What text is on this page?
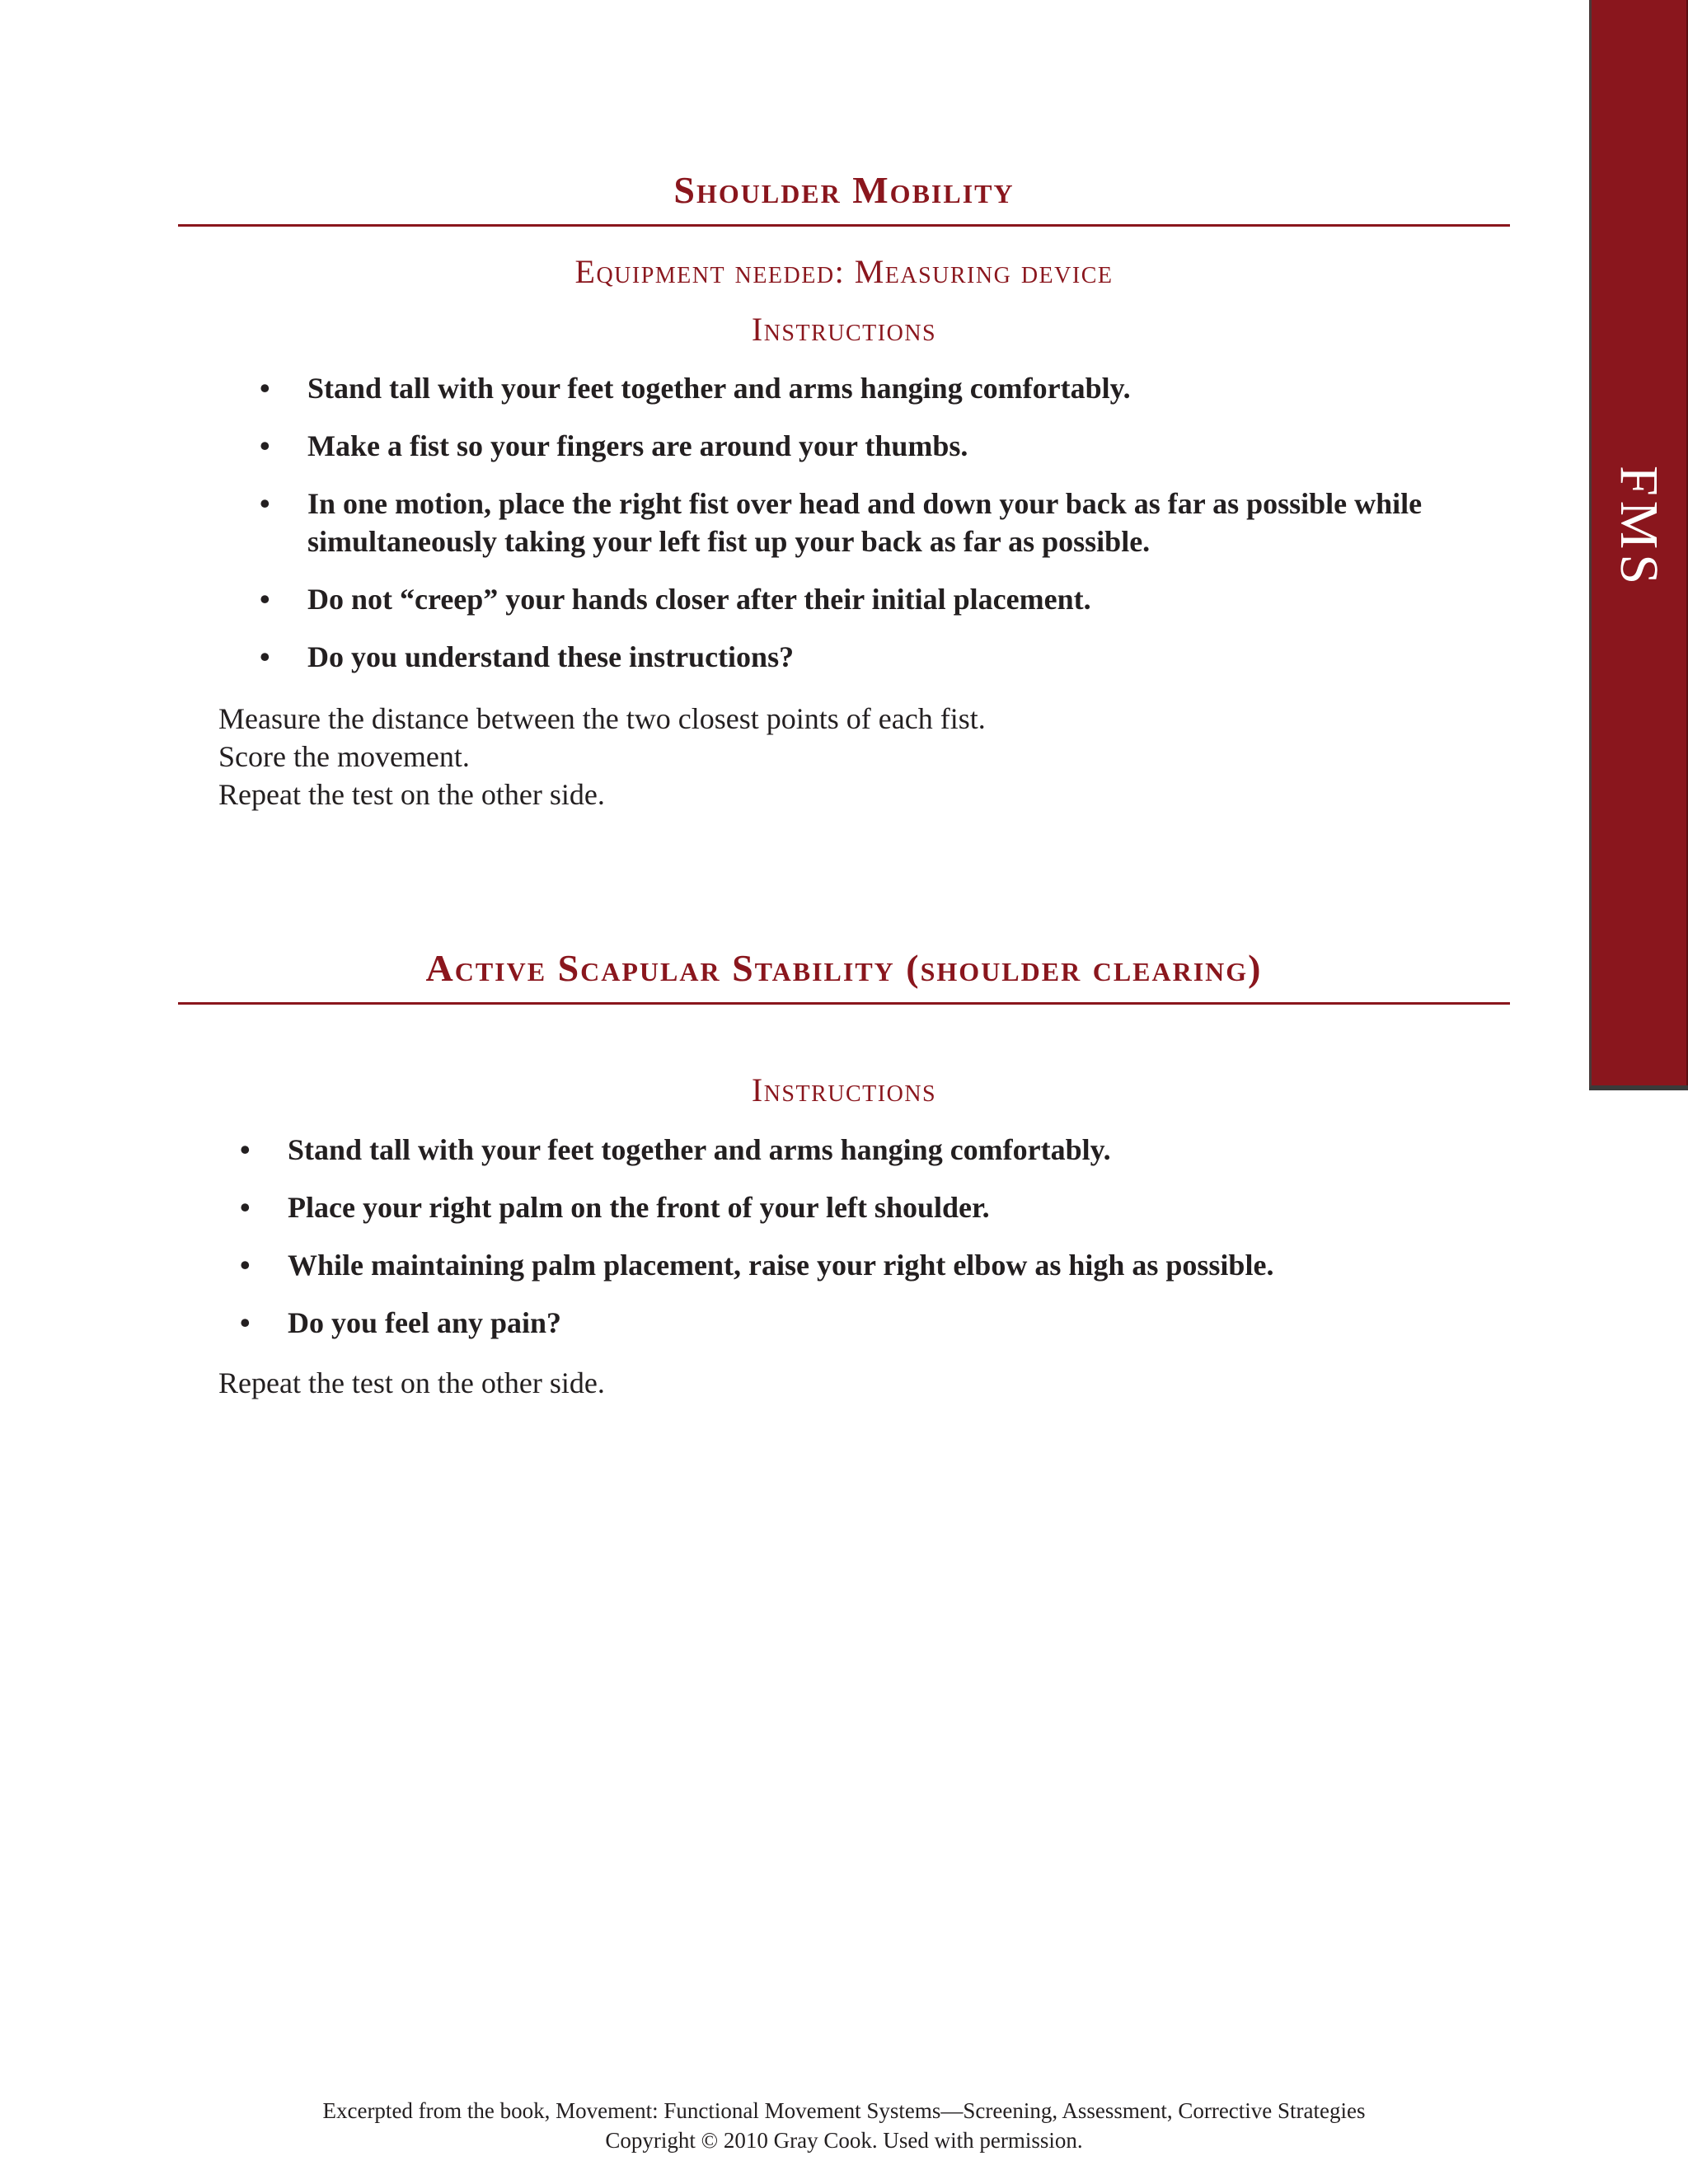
FMS
Shoulder Mobility
Equipment needed: Measuring device
Instructions
• Stand tall with your feet together and arms hanging comfortably.
• Make a fist so your fingers are around your thumbs.
• In one motion, place the right fist over head and down your back as far as possible while simultaneously taking your left fist up your back as far as possible.
• Do not “creep” your hands closer after their initial placement.
• Do you understand these instructions?
Measure the distance between the two closest points of each fist.
Score the movement.
Repeat the test on the other side.
Active Scapular Stability (shoulder clearing)
Instructions
• Stand tall with your feet together and arms hanging comfortably.
• Place your right palm on the front of your left shoulder.
• While maintaining palm placement, raise your right elbow as high as possible.
• Do you feel any pain?
Repeat the test on the other side.
Excerpted from the book, Movement: Functional Movement Systems—Screening, Assessment, Corrective Strategies
Copyright © 2010 Gray Cook. Used with permission.
